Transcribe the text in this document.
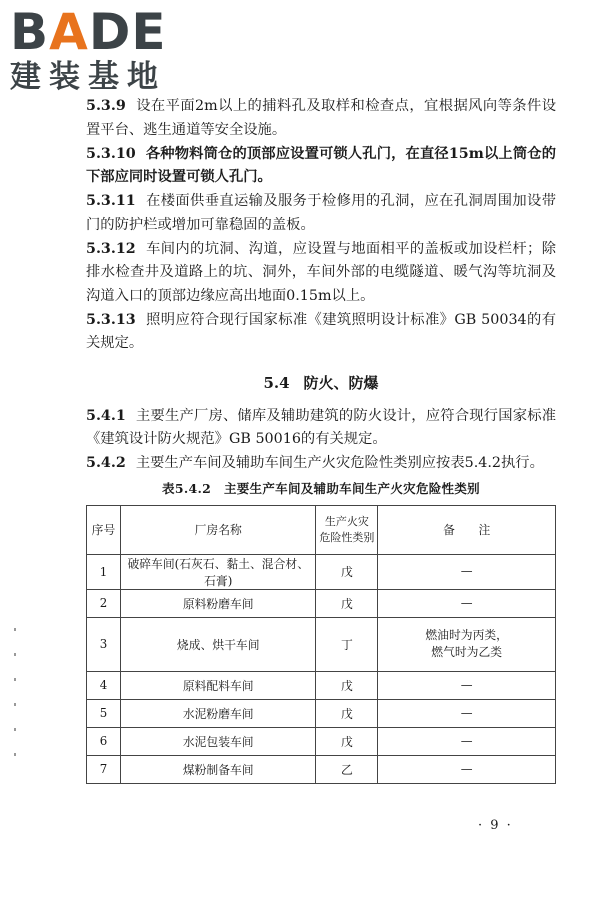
BADE
建装基地

5.3.9 设在平面2m以上的捕料孔及取样和检查点，宜根据风向等条件设置平台、逃生通道等安全设施。

5.3.10 各种物料筒仓的顶部应设置可锁人孔门，在直径15m以上筒仓的下部应同时设置可锁人孔门。

5.3.11 在楼面供垂直运输及服务于检修用的孔洞，应在孔洞周围加设带门的防护栏或增加可靠稳固的盖板。

5.3.12 车间内的坑洞、沟道，应设置与地面相平的盖板或加设栏杆；除排水检查井及道路上的坑、洞外，车间外部的电缆隧道、暖气沟等坑洞及沟道入口的顶部边缘应高出地面0.15m以上。

5.3.13 照明应符合现行国家标准《建筑照明设计标准》GB 50034的有关规定。

5.4 防火、防爆

5.4.1 主要生产厂房、储库及辅助建筑的防火设计，应符合现行国家标准《建筑设计防火规范》GB 50016的有关规定。

5.4.2 主要生产车间及辅助车间生产火灾危险性类别应按表5.4.2执行。

表5.4.2　主要生产车间及辅助车间生产火灾危险性类别
序号	厂房名称	生产火灾
危险性类别	备　　注
1	破碎车间(石灰石、黏土、混合材、石膏)	戊	—
2	原料粉磨车间	戊	—
3	烧成、烘干车间	丁	燃油时为丙类，
燃气时为乙类
4	原料配料车间	戊	—
5	水泥粉磨车间	戊	—
6	水泥包装车间	戊	—
7	煤粉制备车间	乙	—
· 9 ·
